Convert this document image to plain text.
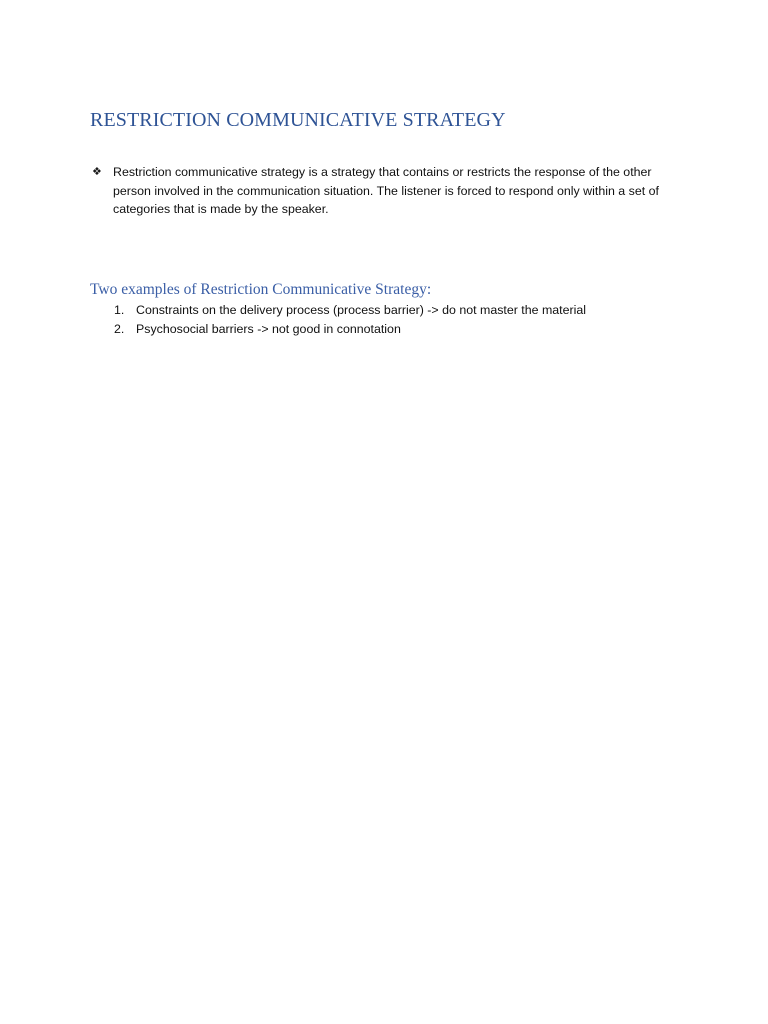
RESTRICTION COMMUNICATIVE STRATEGY
❖ Restriction communicative strategy is a strategy that contains or restricts the response of the other person involved in the communication situation. The listener is forced to respond only within a set of categories that is made by the speaker.

Two examples of Restriction Communicative Strategy:
1. Constraints on the delivery process (process barrier) -> do not master the material
2. Psychosocial barriers -> not good in connotation
